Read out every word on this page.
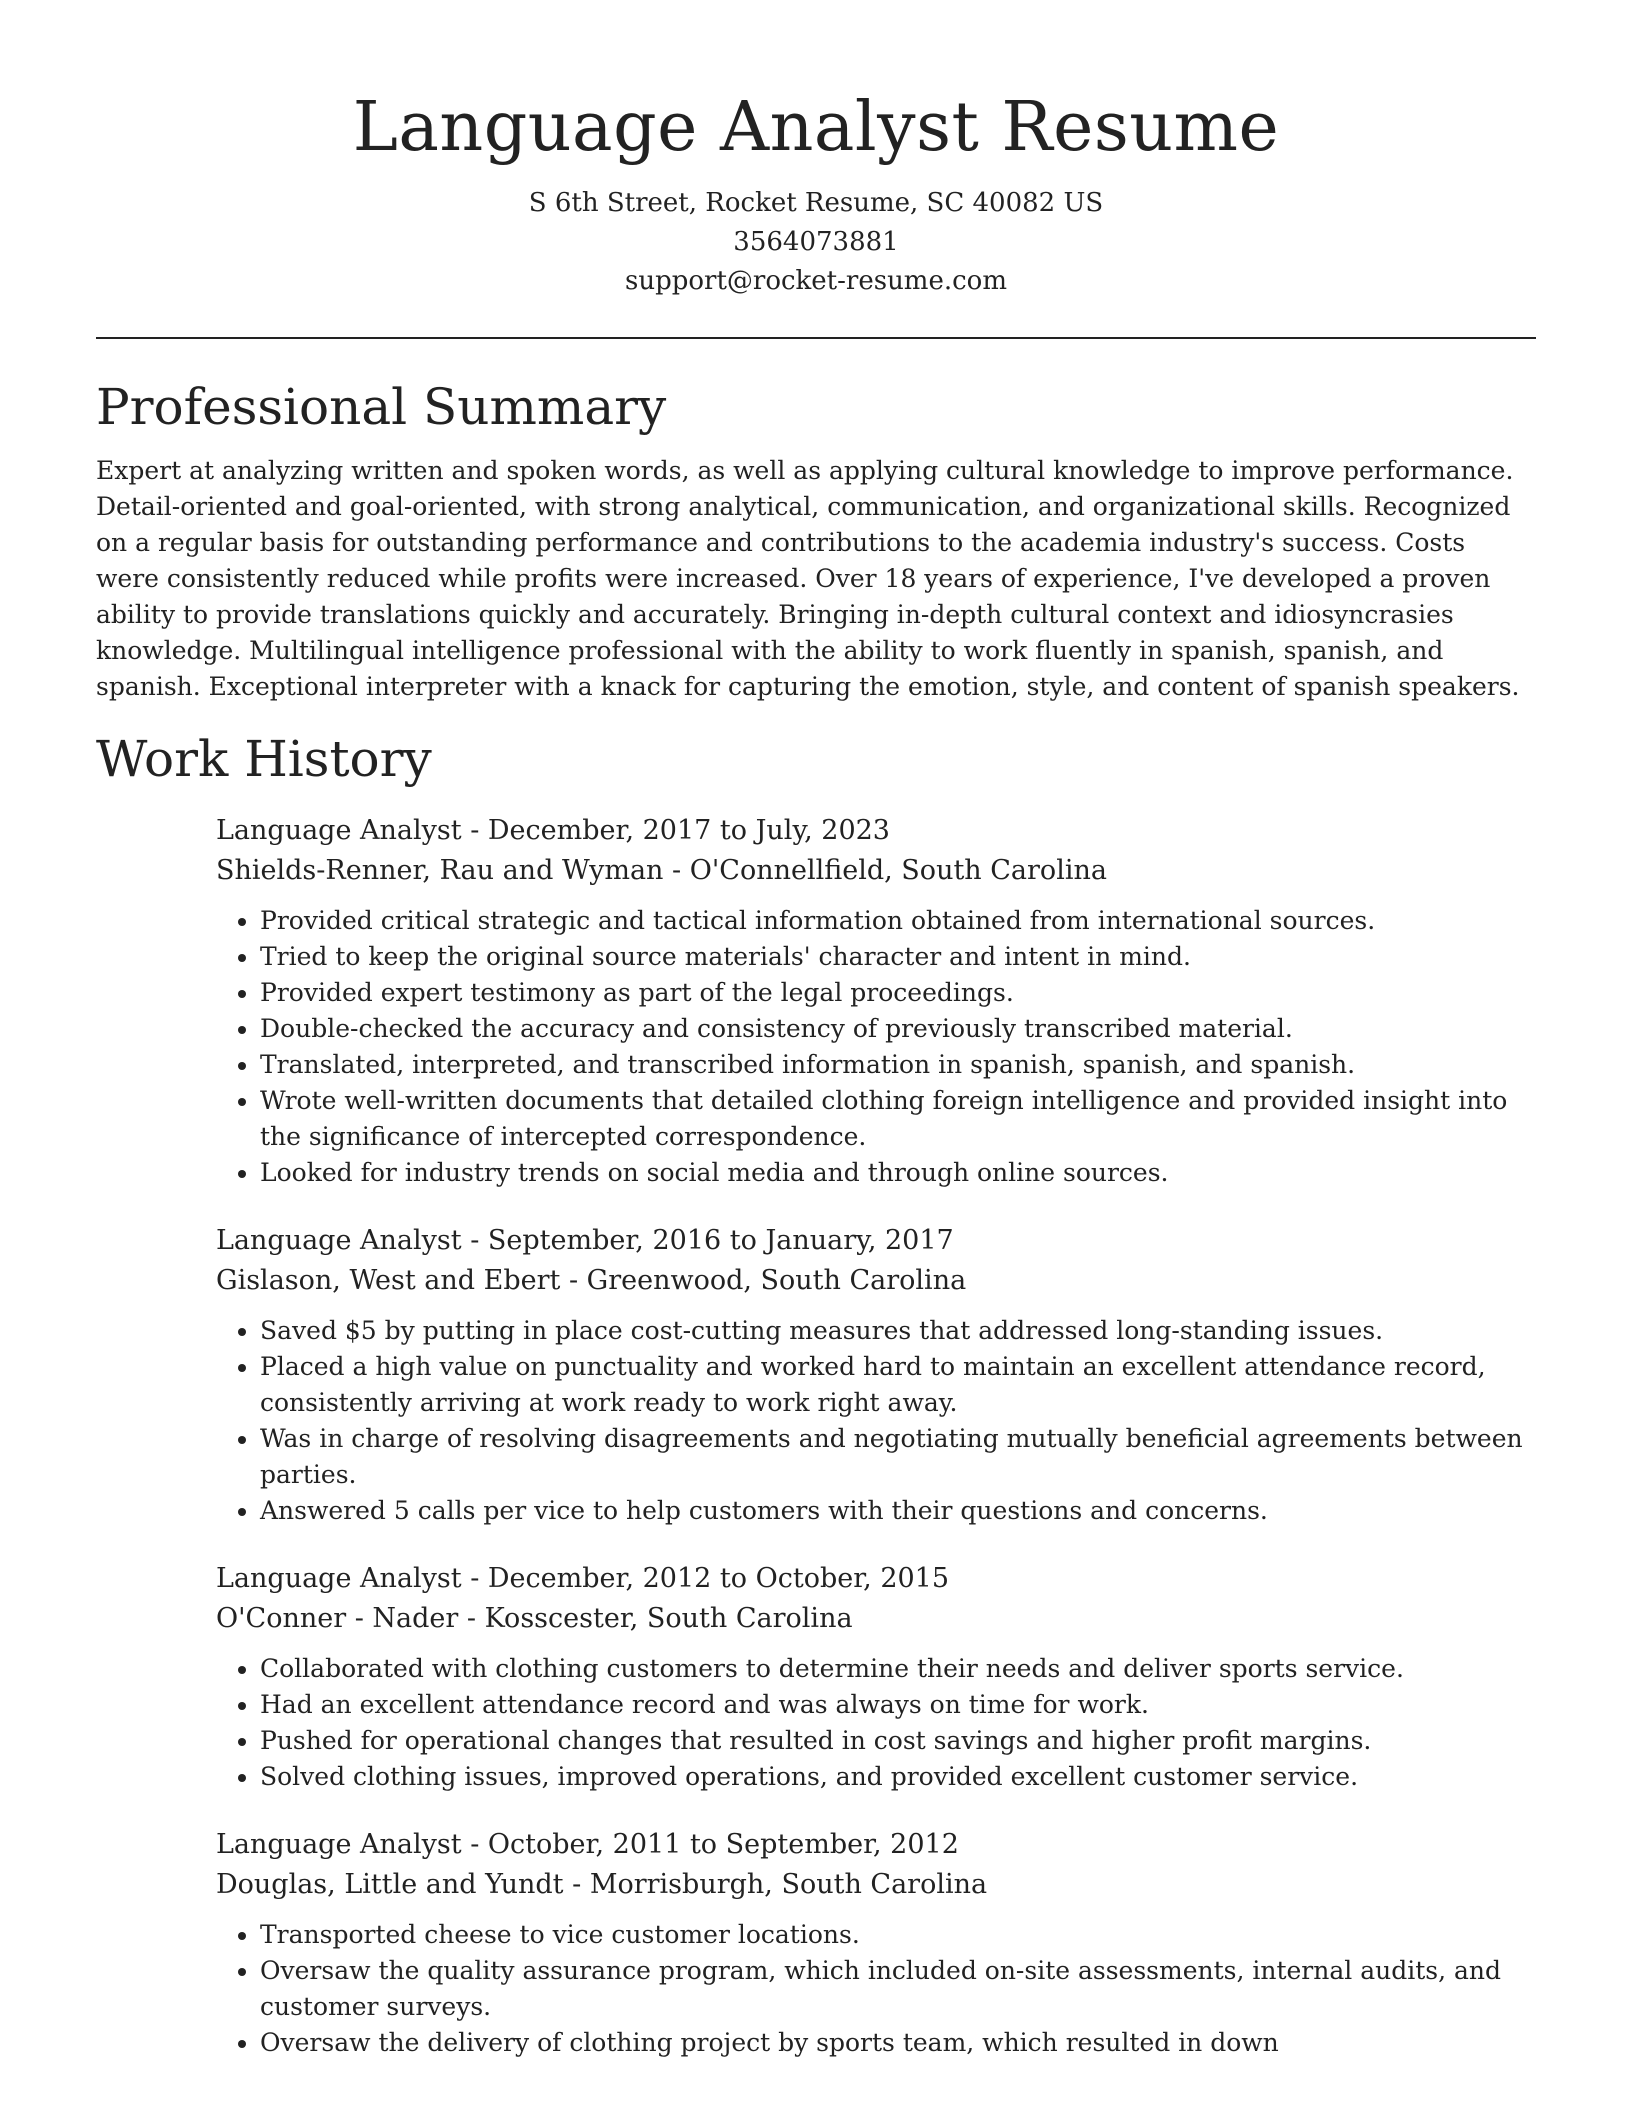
Language Analyst Resume

S 6th Street, Rocket Resume, SC 40082 US

3564073881

support@rocket-resume.com

Professional Summary

Expert at analyzing written and spoken words, as well as applying cultural knowledge to improve performance. Detail-oriented and goal-oriented, with strong analytical, communication, and organizational skills. Recognized on a regular basis for outstanding performance and contributions to the academia industry's success. Costs were consistently reduced while profits were increased. Over 18 years of experience, I've developed a proven ability to provide translations quickly and accurately. Bringing in-depth cultural context and idiosyncrasies knowledge. Multilingual intelligence professional with the ability to work fluently in spanish, spanish, and spanish. Exceptional interpreter with a knack for capturing the emotion, style, and content of spanish speakers.

Work History

Language Analyst - December, 2017 to July, 2023

Shields-Renner, Rau and Wyman - O'Connellfield, South Carolina

• Provided critical strategic and tactical information obtained from international sources.
• Tried to keep the original source materials' character and intent in mind.
• Provided expert testimony as part of the legal proceedings.
• Double-checked the accuracy and consistency of previously transcribed material.
• Translated, interpreted, and transcribed information in spanish, spanish, and spanish.
• Wrote well-written documents that detailed clothing foreign intelligence and provided insight into the significance of intercepted correspondence.
• Looked for industry trends on social media and through online sources.

Language Analyst - September, 2016 to January, 2017

Gislason, West and Ebert - Greenwood, South Carolina

• Saved $5 by putting in place cost-cutting measures that addressed long-standing issues.
• Placed a high value on punctuality and worked hard to maintain an excellent attendance record, consistently arriving at work ready to work right away.
• Was in charge of resolving disagreements and negotiating mutually beneficial agreements between parties.
• Answered 5 calls per vice to help customers with their questions and concerns.

Language Analyst - December, 2012 to October, 2015

O'Conner - Nader - Kosscester, South Carolina

• Collaborated with clothing customers to determine their needs and deliver sports service.
• Had an excellent attendance record and was always on time for work.
• Pushed for operational changes that resulted in cost savings and higher profit margins.
• Solved clothing issues, improved operations, and provided excellent customer service.

Language Analyst - October, 2011 to September, 2012

Douglas, Little and Yundt - Morrisburgh, South Carolina

• Transported cheese to vice customer locations.
• Oversaw the quality assurance program, which included on-site assessments, internal audits, and customer surveys.
• Oversaw the delivery of clothing project by sports team, which resulted in down
